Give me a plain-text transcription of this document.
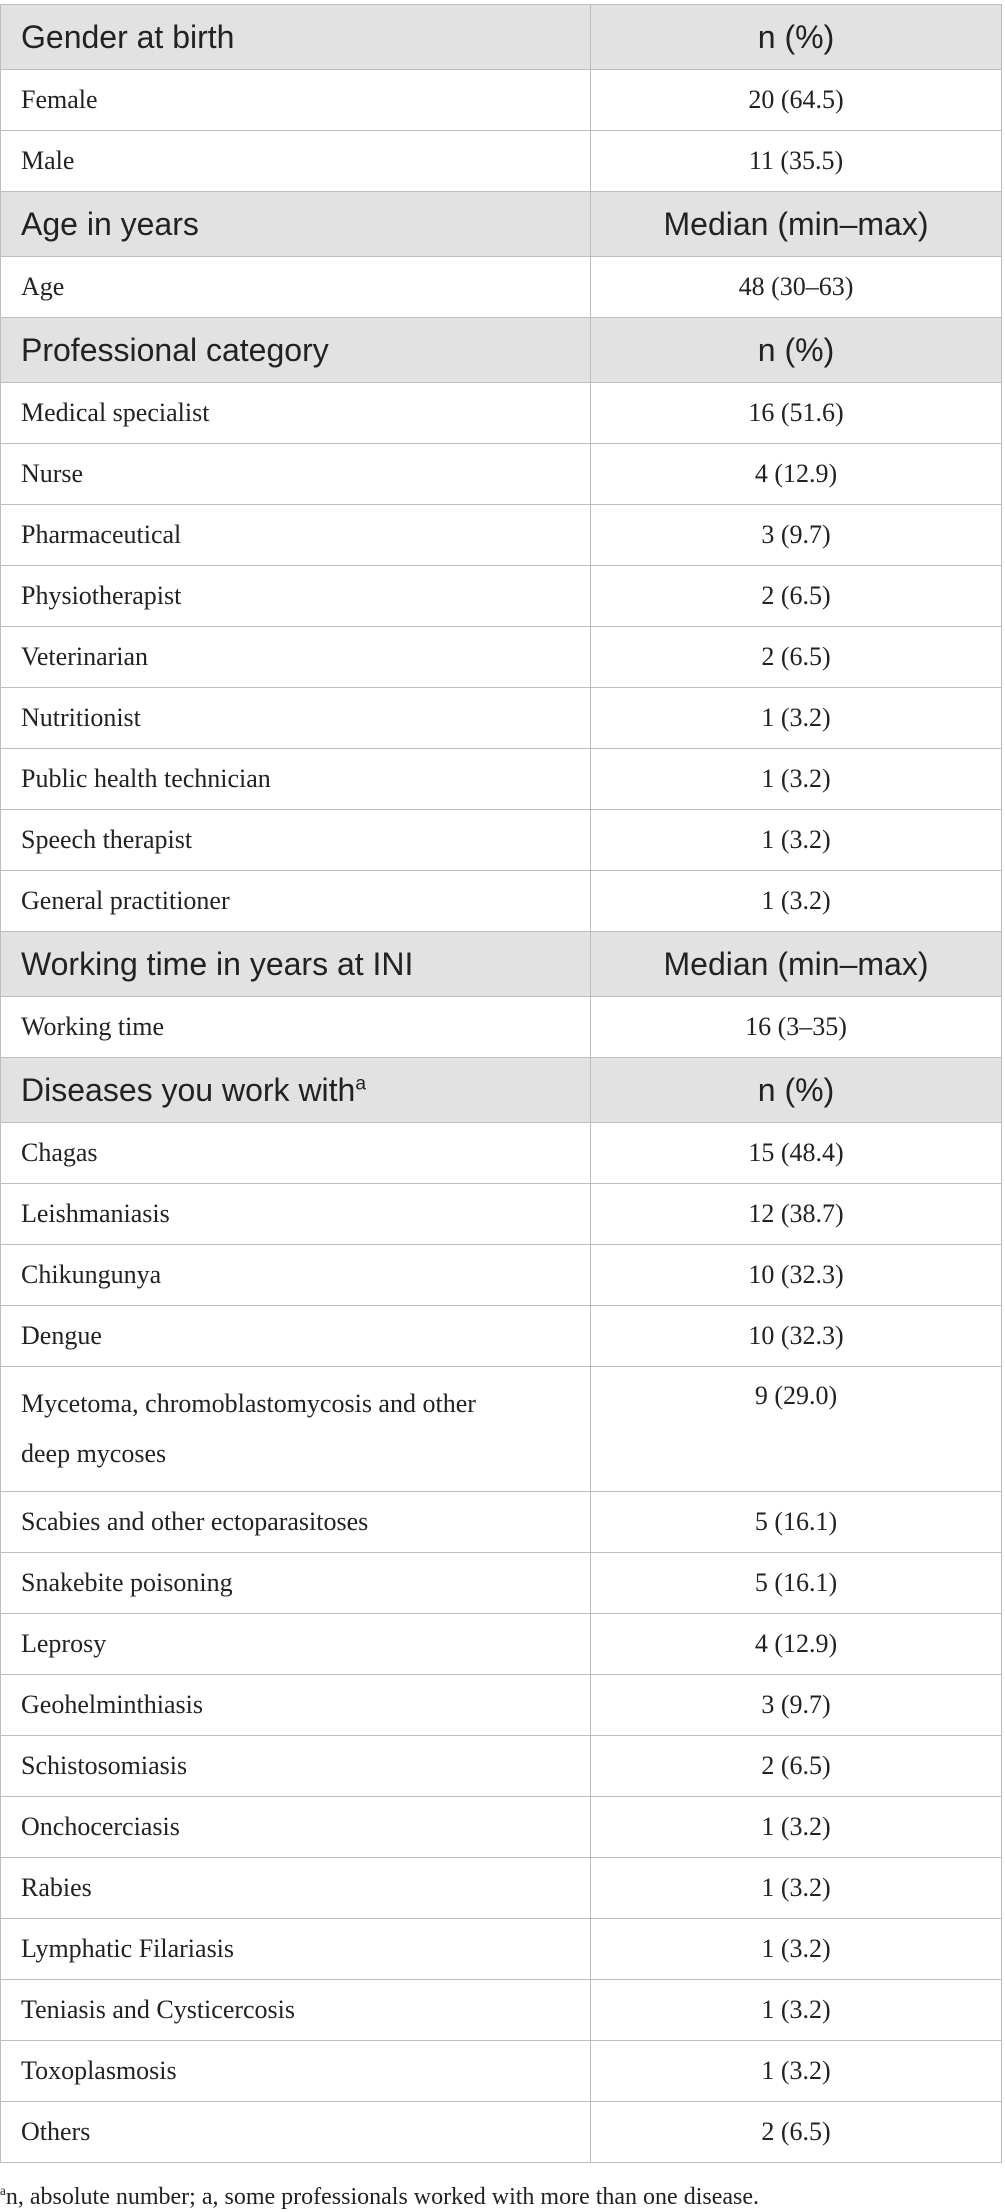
Gender at birth	n (%)
Female	20 (64.5)
Male	11 (35.5)
Age in years	Median (min–max)
Age	48 (30–63)
Professional category	n (%)
Medical specialist	16 (51.6)
Nurse	4 (12.9)
Pharmaceutical	3 (9.7)
Physiotherapist	2 (6.5)
Veterinarian	2 (6.5)
Nutritionist	1 (3.2)
Public health technician	1 (3.2)
Speech therapist	1 (3.2)
General practitioner	1 (3.2)
Working time in years at INI	Median (min–max)
Working time	16 (3–35)
Diseases you work with$^a$	n (%)
Chagas	15 (48.4)
Leishmaniasis	12 (38.7)
Chikungunya	10 (32.3)
Dengue	10 (32.3)
Mycetoma, chromoblastomycosis and other
deep mycoses	9 (29.0)
Scabies and other ectoparasitoses	5 (16.1)
Snakebite poisoning	5 (16.1)
Leprosy	4 (12.9)
Geohelminthiasis	3 (9.7)
Schistosomiasis	2 (6.5)
Onchocerciasis	1 (3.2)
Rabies	1 (3.2)
Lymphatic Filariasis	1 (3.2)
Teniasis and Cysticercosis	1 (3.2)
Toxoplasmosis	1 (3.2)
Others	2 (6.5)
$^a$n, absolute number; a, some professionals worked with more than one disease.
